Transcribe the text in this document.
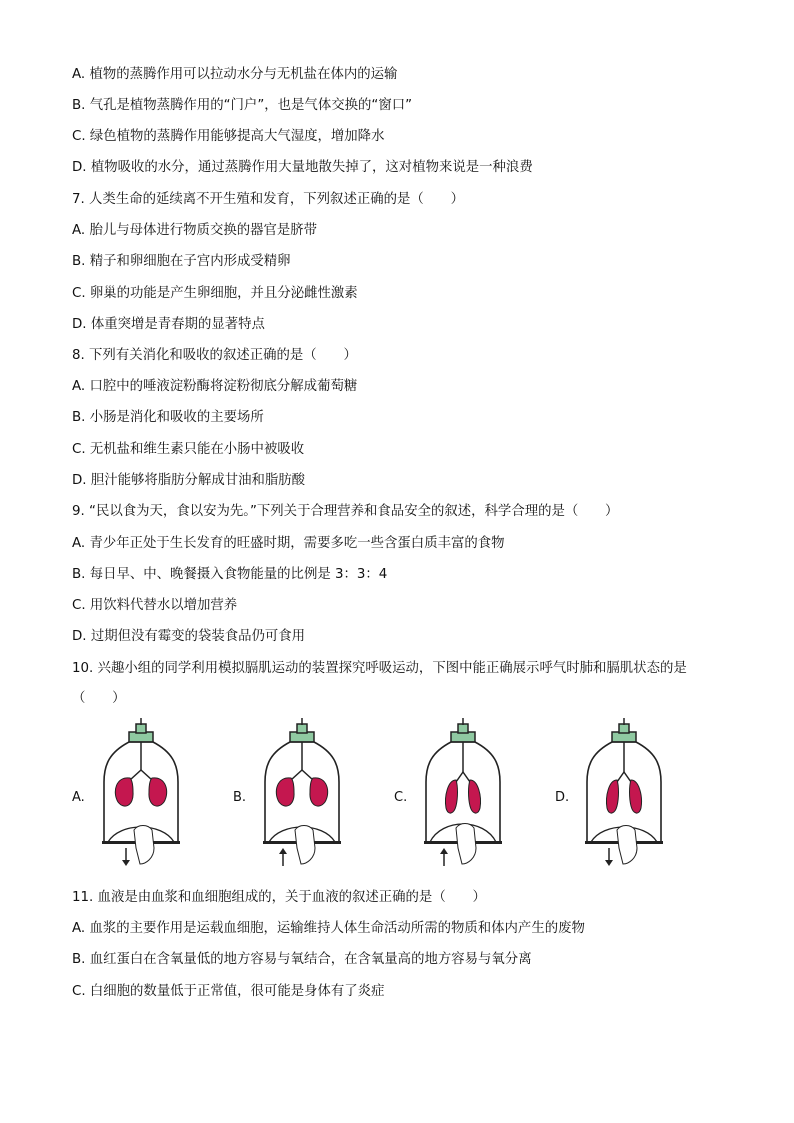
A. 植物的蒸腾作用可以拉动水分与无机盐在体内的运输
B. 气孔是植物蒸腾作用的“门户”，也是气体交换的“窗口”
C. 绿色植物的蒸腾作用能够提高大气湿度，增加降水
D. 植物吸收的水分，通过蒸腾作用大量地散失掉了，这对植物来说是一种浪费
7. 人类生命的延续离不开生殖和发育，下列叙述正确的是（　　）
A. 胎儿与母体进行物质交换的器官是脐带
B. 精子和卵细胞在子宫内形成受精卵
C. 卵巢的功能是产生卵细胞，并且分泌雌性激素
D. 体重突增是青春期的显著特点
8. 下列有关消化和吸收的叙述正确的是（　　）
A. 口腔中的唾液淀粉酶将淀粉彻底分解成葡萄糖
B. 小肠是消化和吸收的主要场所
C. 无机盐和维生素只能在小肠中被吸收
D. 胆汁能够将脂肪分解成甘油和脂肪酸
9. “民以食为天，食以安为先。”下列关于合理营养和食品安全的叙述，科学合理的是（　　）
A. 青少年正处于生长发育的旺盛时期，需要多吃一些含蛋白质丰富的食物
B. 每日早、中、晚餐摄入食物能量的比例是 3：3：4
C. 用饮料代替水以增加营养
D. 过期但没有霉变的袋装食品仍可食用
10. 兴趣小组的同学利用模拟膈肌运动的装置探究呼吸运动，下图中能正确展示呼气时肺和膈肌状态的是
（　　）
A.	B.	C.	D.
11. 血液是由血浆和血细胞组成的，关于血液的叙述正确的是（　　）
A. 血浆的主要作用是运载血细胞，运输维持人体生命活动所需的物质和体内产生的废物
B. 血红蛋白在含氧量低的地方容易与氧结合，在含氧量高的地方容易与氧分离
C. 白细胞的数量低于正常值，很可能是身体有了炎症
